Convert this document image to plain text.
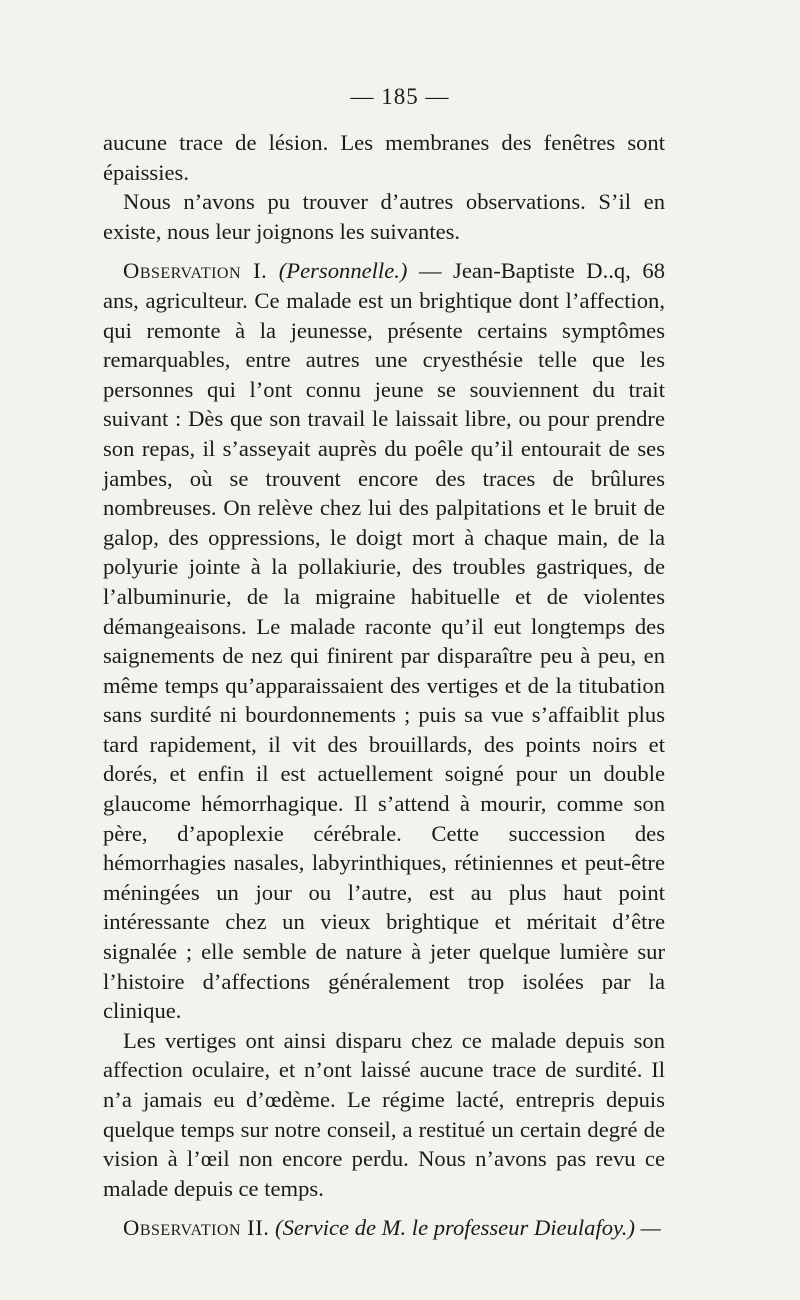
— 185 —

aucune trace de lésion. Les membranes des fenêtres sont épaissies.

Nous n’avons pu trouver d’autres observations. S’il en existe, nous leur joignons les suivantes.

Observation I. (Personnelle.) — Jean-Baptiste D..q, 68 ans, agriculteur. Ce malade est un brightique dont l’affection, qui remonte à la jeunesse, présente certains symptômes remarquables, entre autres une cryesthésie telle que les personnes qui l’ont connu jeune se souviennent du trait suivant : Dès que son travail le laissait libre, ou pour prendre son repas, il s’asseyait auprès du poêle qu’il entourait de ses jambes, où se trouvent encore des traces de brûlures nombreuses. On relève chez lui des palpitations et le bruit de galop, des oppressions, le doigt mort à chaque main, de la polyurie jointe à la pollakiurie, des troubles gastriques, de l’albuminurie, de la migraine habituelle et de violentes démangeaisons. Le malade raconte qu’il eut longtemps des saignements de nez qui finirent par disparaître peu à peu, en même temps qu’apparaissaient des vertiges et de la titubation sans surdité ni bourdonnements ; puis sa vue s’affaiblit plus tard rapidement, il vit des brouillards, des points noirs et dorés, et enfin il est actuellement soigné pour un double glaucome hémorrhagique. Il s’attend à mourir, comme son père, d’apoplexie cérébrale. Cette succession des hémorrhagies nasales, labyrinthiques, rétiniennes et peut-être méningées un jour ou l’autre, est au plus haut point intéressante chez un vieux brightique et méritait d’être signalée ; elle semble de nature à jeter quelque lumière sur l’histoire d’affections généralement trop isolées par la clinique.

Les vertiges ont ainsi disparu chez ce malade depuis son affection oculaire, et n’ont laissé aucune trace de surdité. Il n’a jamais eu d’œdème. Le régime lacté, entrepris depuis quelque temps sur notre conseil, a restitué un certain degré de vision à l’œil non encore perdu. Nous n’avons pas revu ce malade depuis ce temps.

Observation II. (Service de M. le professeur Dieulafoy.) —
